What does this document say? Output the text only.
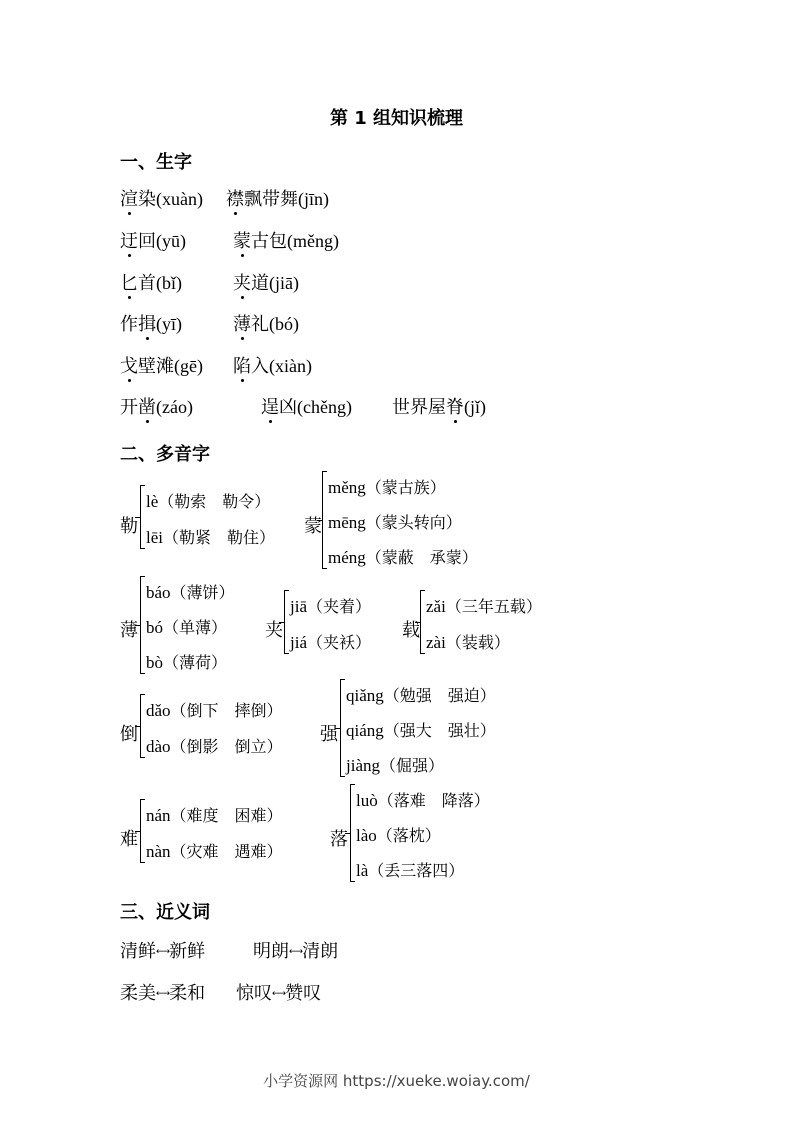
第 1 组知识梳理
一、生字
二、多音字
三、近义词
渲染(xuàn) 襟飘带舞(jīn)
迂回(yū)	蒙古包(měng)
匕首(bǐ)	夹道(jiā)
作揖(yī)	薄礼(bó)
戈壁滩(gē) 陷入(xiàn)
开凿(záo)	逞凶(chěng) 世界屋脊(jǐ)
勒
lè（勒索　勒令）
lēi（勒紧　勒住）
蒙
měng（蒙古族）
mēng（蒙头转向）
méng（蒙蔽　承蒙）
薄
báo（薄饼）
bó（单薄）
bò（薄荷）
夹
jiā（夹着）
jiá（夹袄）
载
zǎi（三年五载）
zài（装载）
倒
dǎo（倒下　摔倒）
dào（倒影　倒立）
强
qiǎng（勉强　强迫）
qiáng（强大　强壮）
jiàng（倔强）
难
nán（难度　困难）
nàn（灾难　遇难）
落
luò（落难　降落）
lào（落枕）
là（丢三落四）
清鲜←→新鲜	明朗←→清朗
柔美←→柔和 惊叹←→赞叹
小学资源网 https://xueke.woiay.com/
